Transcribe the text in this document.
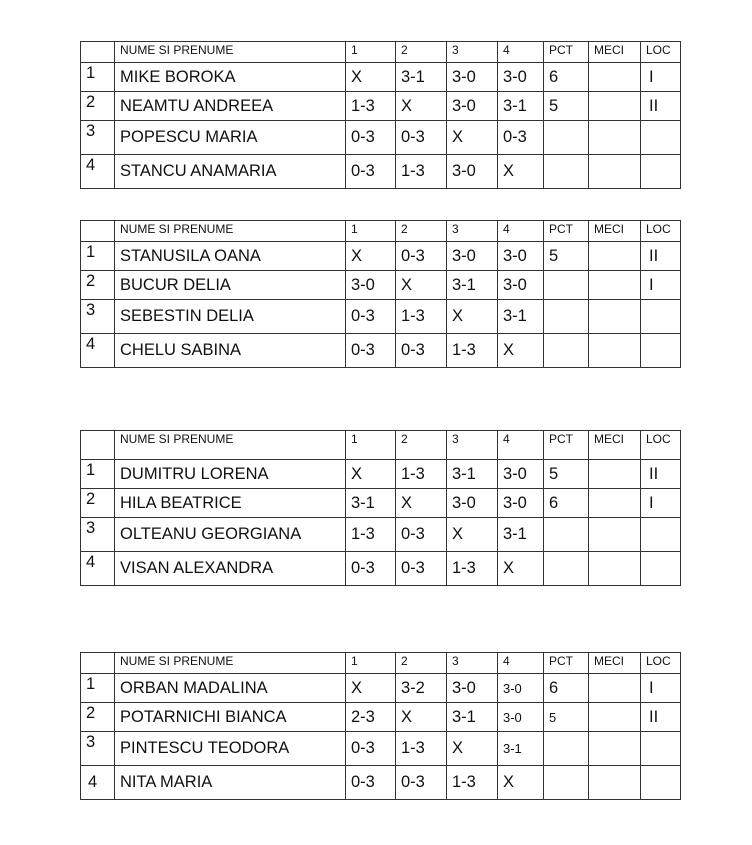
	NUME SI PRENUME	1	2	3	4	PCT	MECI	LOC
1	MIKE BOROKA	X	3-1	3-0	3-0	6		I
2	NEAMTU ANDREEA	1-3	X	3-0	3-1	5		II
3	POPESCU MARIA	0-3	0-3	X	0-3			
4	STANCU ANAMARIA	0-3	1-3	3-0	X			
	NUME SI PRENUME	1	2	3	4	PCT	MECI	LOC
1	STANUSILA OANA	X	0-3	3-0	3-0	5		II
2	BUCUR DELIA	3-0	X	3-1	3-0			I
3	SEBESTIN DELIA	0-3	1-3	X	3-1			
4	CHELU SABINA	0-3	0-3	1-3	X			
	NUME SI PRENUME	1	2	3	4	PCT	MECI	LOC
1	DUMITRU LORENA	X	1-3	3-1	3-0	5		II
2	HILA BEATRICE	3-1	X	3-0	3-0	6		I
3	OLTEANU GEORGIANA	1-3	0-3	X	3-1			
4	VISAN ALEXANDRA	0-3	0-3	1-3	X			
	NUME SI PRENUME	1	2	3	4	PCT	MECI	LOC
1	ORBAN MADALINA	X	3-2	3-0	3-0	6		I
2	POTARNICHI BIANCA	2-3	X	3-1	3-0	5		II
3	PINTESCU TEODORA	0-3	1-3	X	3-1			
4	NITA MARIA	0-3	0-3	1-3	X			
